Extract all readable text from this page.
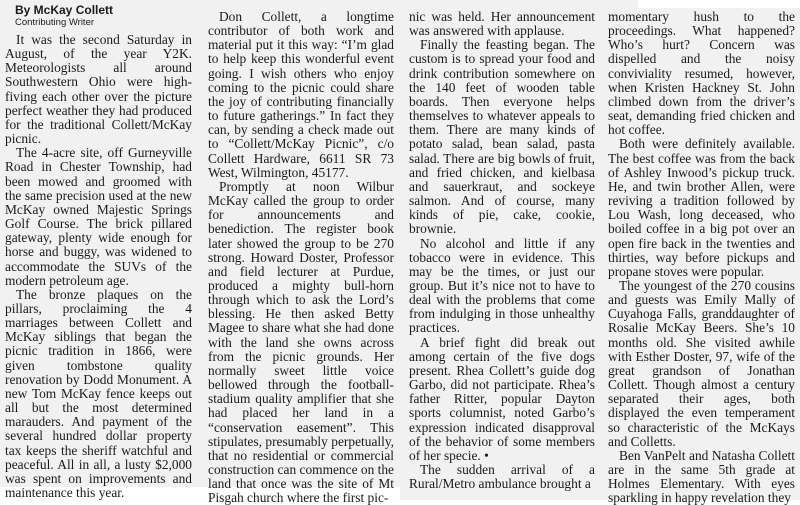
By McKay Collett
Contributing Writer

It was the second Saturday in August, of the year Y2K. Meteorologists all around Southwestern Ohio were high-fiving each other over the picture perfect weather they had produced for the traditional Collett/McKay picnic.

The 4-acre site, off Gurneyville Road in Chester Township, had been mowed and groomed with the same precision used at the new McKay owned Majestic Springs Golf Course. The brick pillared gateway, plenty wide enough for horse and buggy, was widened to accommodate the SUVs of the modern petroleum age.

The bronze plaques on the pillars, proclaiming the 4 marriages between Collett and McKay siblings that began the picnic tradition in 1866, were given tombstone quality renovation by Dodd Monument. A new Tom McKay fence keeps out all but the most determined marauders. And payment of the several hundred dollar property tax keeps the sheriff watchful and peaceful. All in all, a lusty $2,000 was spent on improvements and maintenance this year.

Don Collett, a longtime contributor of both work and material put it this way: “I’m glad to help keep this wonderful event going. I wish others who enjoy coming to the picnic could share the joy of contributing financially to future gatherings.” In fact they can, by sending a check made out to “Collett/McKay Picnic”, c/o Collett Hardware, 6611 SR 73 West, Wilmington, 45177.

Promptly at noon Wilbur McKay called the group to order for announcements and benediction. The register book later showed the group to be 270 strong. Howard Doster, Professor and field lecturer at Purdue, produced a mighty bull-horn through which to ask the Lord’s blessing. He then asked Betty Magee to share what she had done with the land she owns across from the picnic grounds. Her normally sweet little voice bellowed through the football-stadium quality amplifier that she had placed her land in a “conservation easement”. This stipulates, presumably perpetually, that no residential or commercial construction can commence on the land that once was the site of Mt Pisgah church where the first pic-

nic was held. Her announcement was answered with applause.

Finally the feasting began. The custom is to spread your food and drink contribution somewhere on the 140 feet of wooden table boards. Then everyone helps themselves to whatever appeals to them. There are many kinds of potato salad, bean salad, pasta salad. There are big bowls of fruit, and fried chicken, and kielbasa and sauerkraut, and sockeye salmon. And of course, many kinds of pie, cake, cookie, brownie.

No alcohol and little if any tobacco were in evidence. This may be the times, or just our group. But it’s nice not to have to deal with the problems that come from indulging in those unhealthy practices.

A brief fight did break out among certain of the five dogs present. Rhea Collett’s guide dog Garbo, did not participate. Rhea’s father Ritter, popular Dayton sports columnist, noted Garbo’s expression indicated disapproval of the behavior of some members of her specie. •

The sudden arrival of a Rural/Metro ambulance brought a

momentary hush to the proceedings. What happened? Who’s hurt? Concern was dispelled and the noisy conviviality resumed, however, when Kristen Hackney St. John climbed down from the driver’s seat, demanding fried chicken and hot coffee.

Both were definitely available. The best coffee was from the back of Ashley Inwood’s pickup truck. He, and twin brother Allen, were reviving a tradition followed by Lou Wash, long deceased, who boiled coffee in a big pot over an open fire back in the twenties and thirties, way before pickups and propane stoves were popular.

The youngest of the 270 cousins and guests was Emily Mally of Cuyahoga Falls, granddaughter of Rosalie McKay Beers. She’s 10 months old. She visited awhile with Esther Doster, 97, wife of the great grandson of Jonathan Collett. Though almost a century separated their ages, both displayed the even temperament so characteristic of the McKays and Colletts.

Ben VanPelt and Natasha Collett are in the same 5th grade at Holmes Elementary. With eyes sparkling in happy revelation they
